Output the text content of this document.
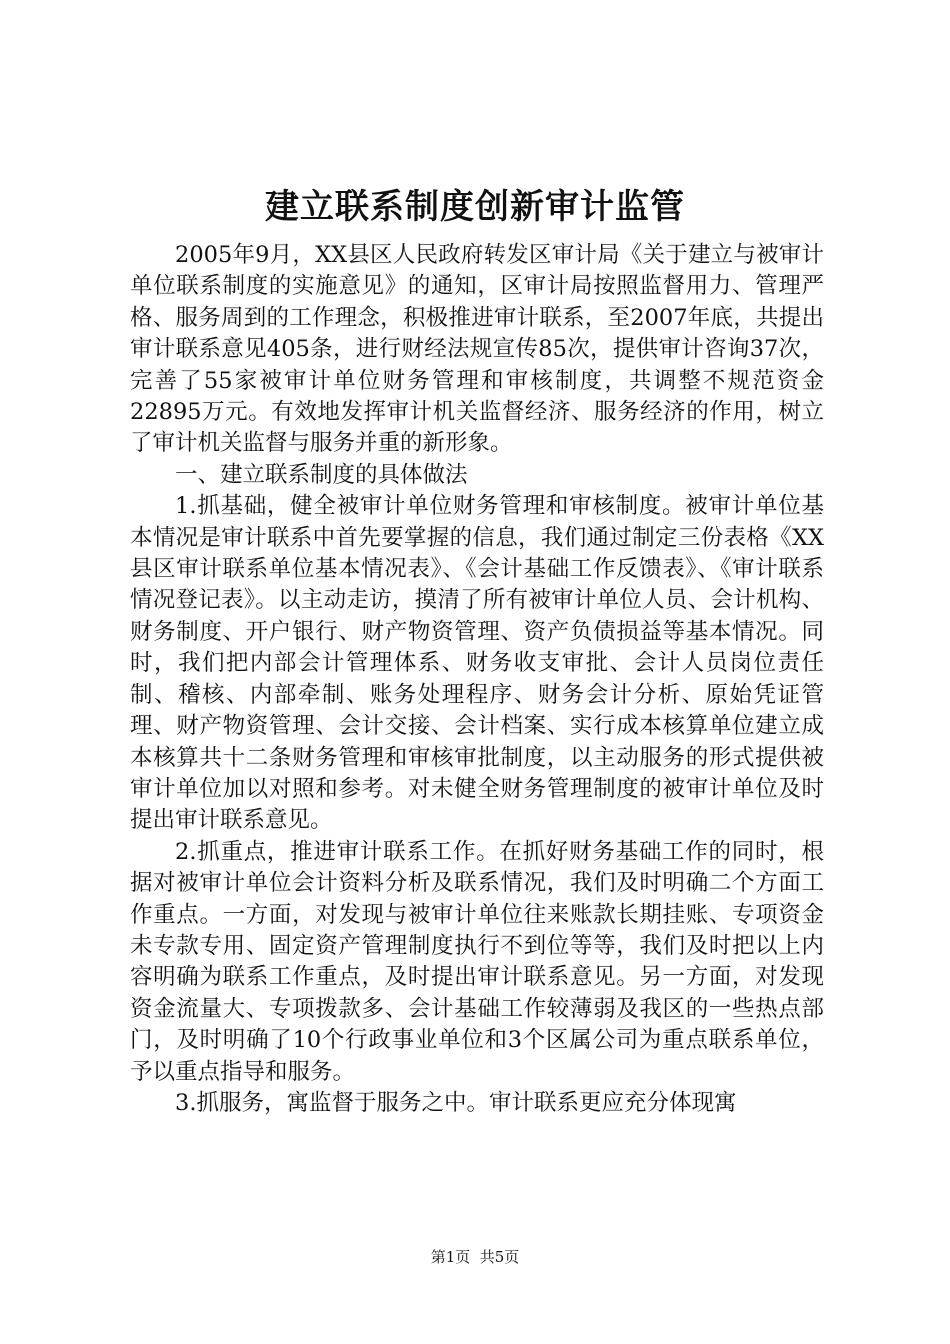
建立联系制度创新审计监管

2005年9月，XX县区人民政府转发区审计局《关于建立与被审计单位联系制度的实施意见》的通知，区审计局按照监督用力、管理严格、服务周到的工作理念，积极推进审计联系，至2007年底，共提出审计联系意见405条，进行财经法规宣传85次，提供审计咨询37次，完善了55家被审计单位财务管理和审核制度，共调整不规范资金22895万元。有效地发挥审计机关监督经济、服务经济的作用，树立了审计机关监督与服务并重的新形象。

一、建立联系制度的具体做法

1.抓基础，健全被审计单位财务管理和审核制度。被审计单位基本情况是审计联系中首先要掌握的信息，我们通过制定三份表格《XX县区审计联系单位基本情况表》、《会计基础工作反馈表》、《审计联系情况登记表》。以主动走访，摸清了所有被审计单位人员、会计机构、财务制度、开户银行、财产物资管理、资产负债损益等基本情况。同时，我们把内部会计管理体系、财务收支审批、会计人员岗位责任制、稽核、内部牵制、账务处理程序、财务会计分析、原始凭证管理、财产物资管理、会计交接、会计档案、实行成本核算单位建立成本核算共十二条财务管理和审核审批制度，以主动服务的形式提供被审计单位加以对照和参考。对未健全财务管理制度的被审计单位及时提出审计联系意见。

2.抓重点，推进审计联系工作。在抓好财务基础工作的同时，根据对被审计单位会计资料分析及联系情况，我们及时明确二个方面工作重点。一方面，对发现与被审计单位往来账款长期挂账、专项资金未专款专用、固定资产管理制度执行不到位等等，我们及时把以上内容明确为联系工作重点，及时提出审计联系意见。另一方面，对发现资金流量大、专项拨款多、会计基础工作较薄弱及我区的一些热点部门，及时明确了10个行政事业单位和3个区属公司为重点联系单位，予以重点指导和服务。

3.抓服务，寓监督于服务之中。审计联系更应充分体现寓

第1页  共5页
